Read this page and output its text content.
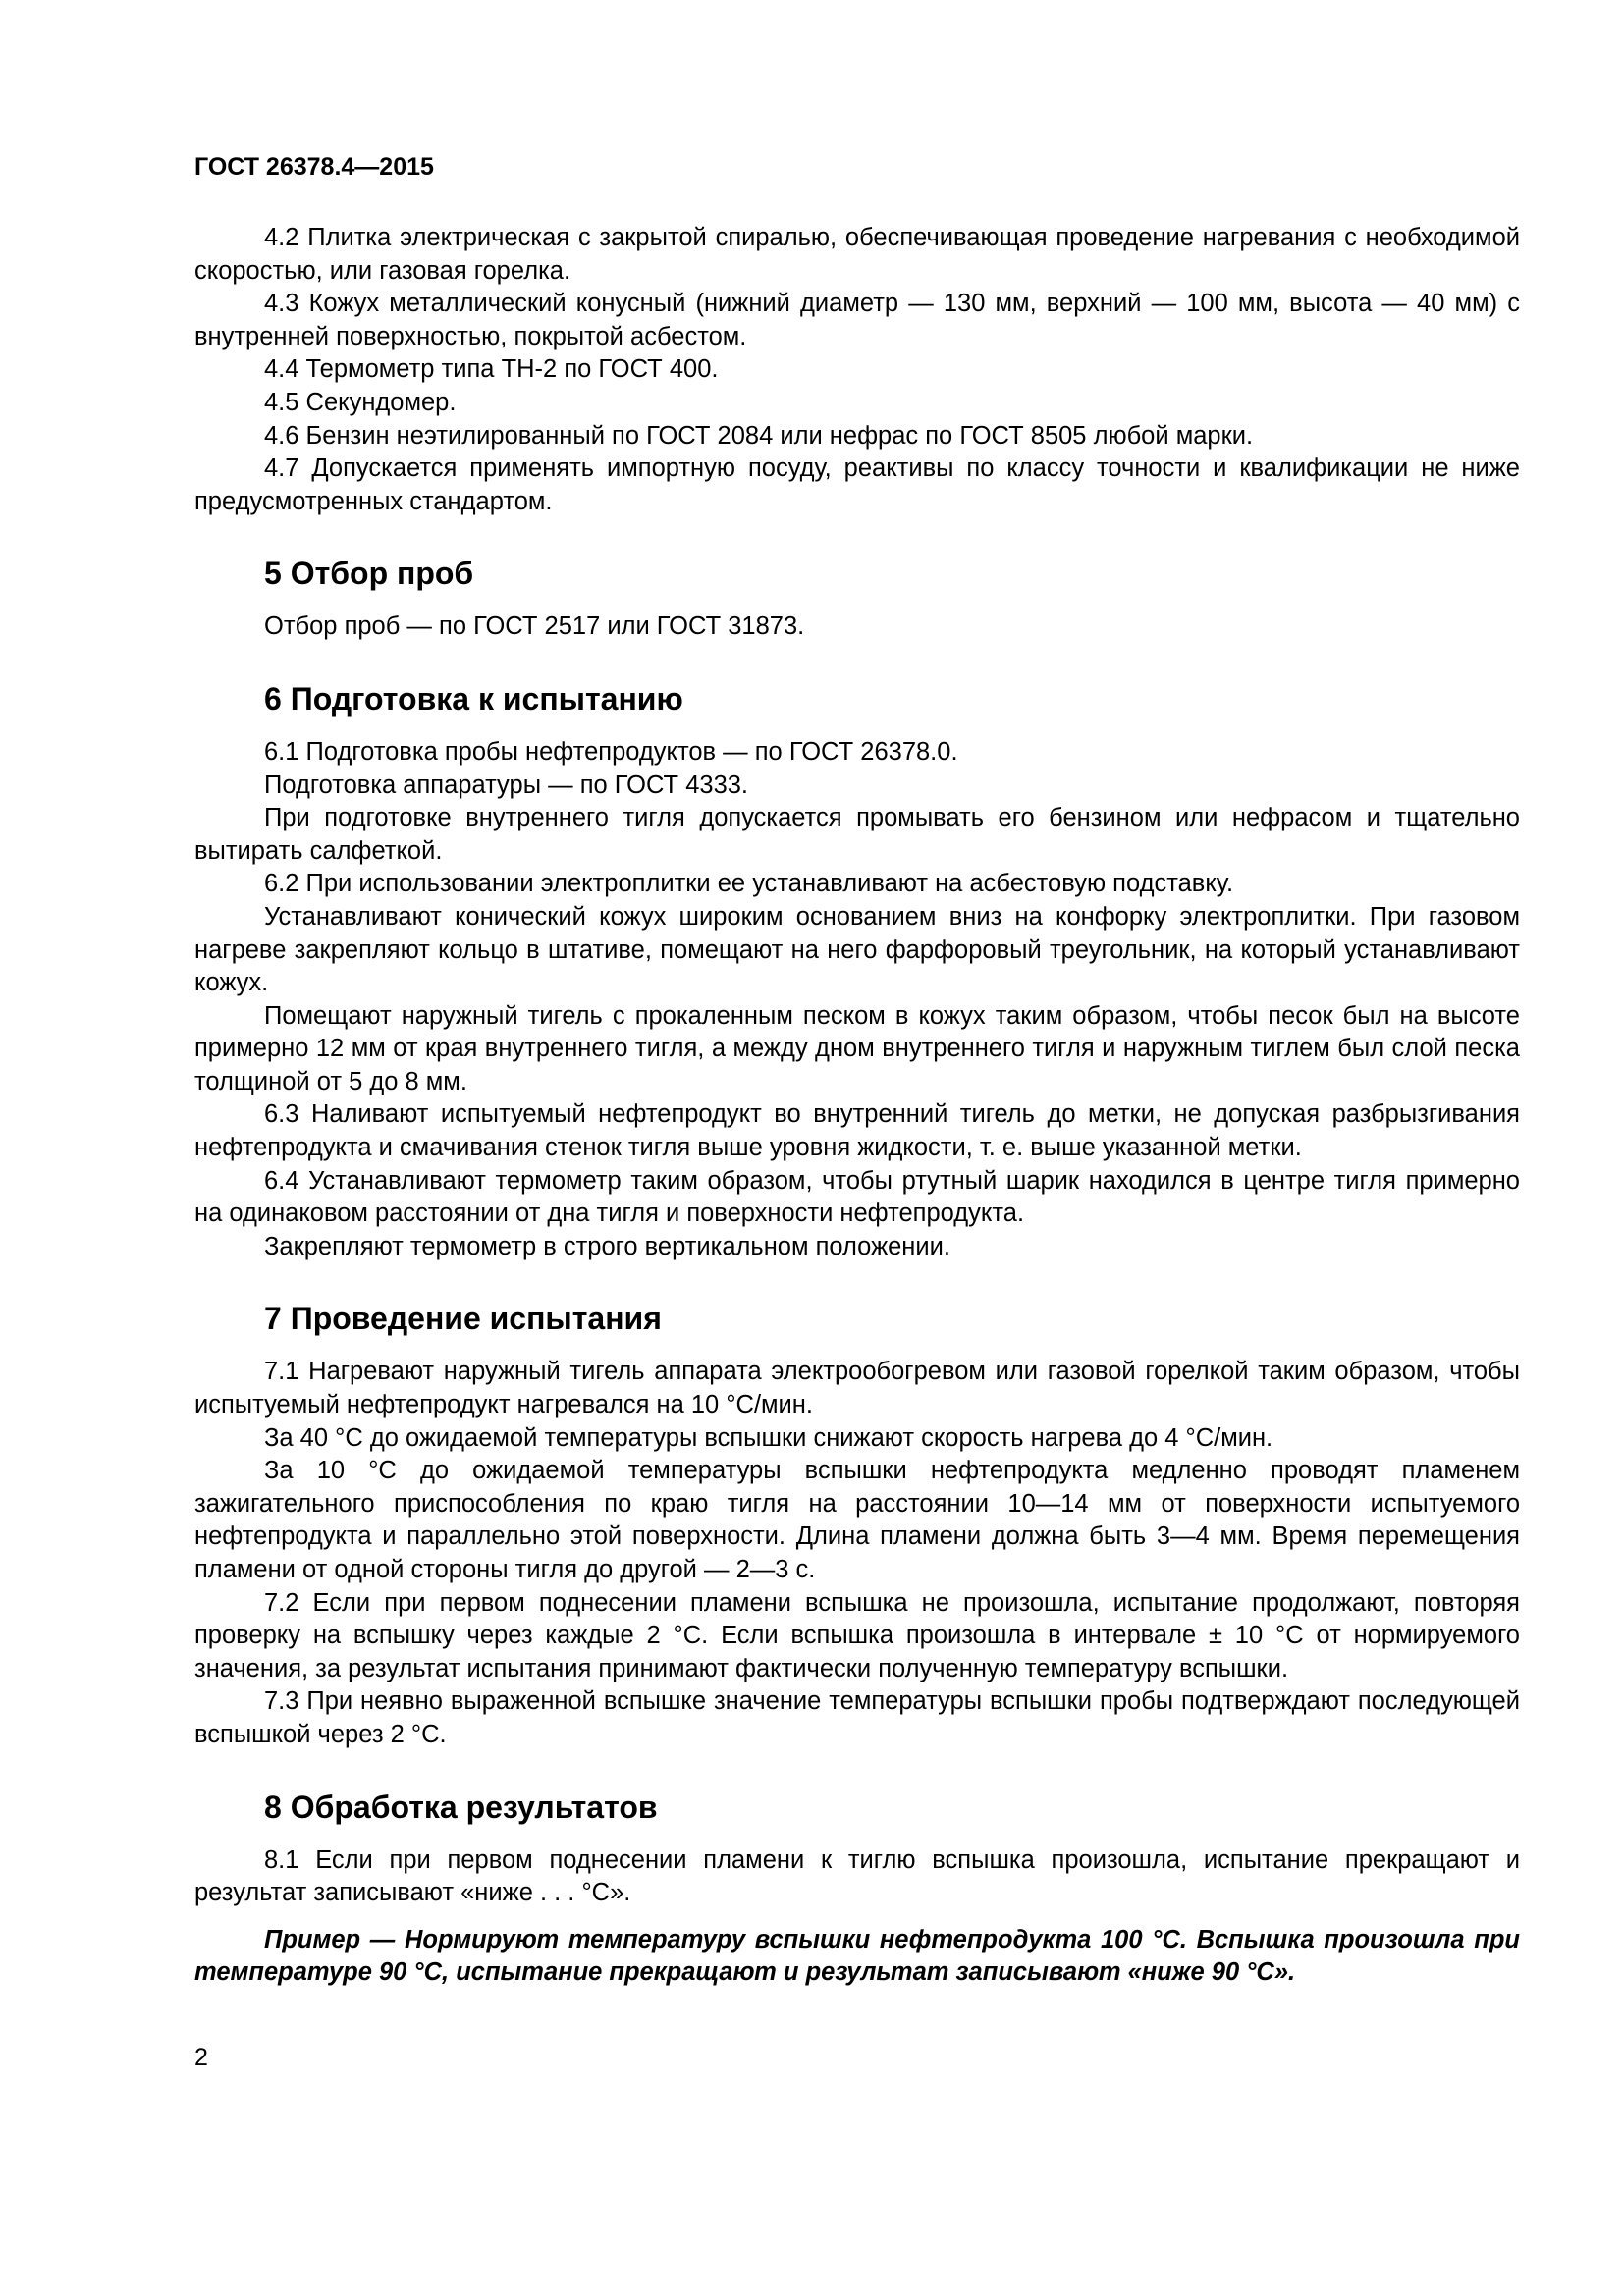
ГОСТ 26378.4—2015

4.2 Плитка электрическая с закрытой спиралью, обеспечивающая проведение нагревания с необходимой скоростью, или газовая горелка.

4.3 Кожух металлический конусный (нижний диаметр — 130 мм, верхний — 100 мм, высота — 40 мм) с внутренней поверхностью, покрытой асбестом.

4.4 Термометр типа ТН-2 по ГОСТ 400.

4.5 Секундомер.

4.6 Бензин неэтилированный по ГОСТ 2084 или нефрас по ГОСТ 8505 любой марки.

4.7 Допускается применять импортную посуду, реактивы по классу точности и квалификации не ниже предусмотренных стандартом.

5 Отбор проб

Отбор проб — по ГОСТ 2517 или ГОСТ 31873.

6 Подготовка к испытанию

6.1 Подготовка пробы нефтепродуктов — по ГОСТ 26378.0.

Подготовка аппаратуры — по ГОСТ 4333.

При подготовке внутреннего тигля допускается промывать его бензином или нефрасом и тщательно вытирать салфеткой.

6.2 При использовании электроплитки ее устанавливают на асбестовую подставку.

Устанавливают конический кожух широким основанием вниз на конфорку электроплитки. При газовом нагреве закрепляют кольцо в штативе, помещают на него фарфоровый треугольник, на который устанавливают кожух.

Помещают наружный тигель с прокаленным песком в кожух таким образом, чтобы песок был на высоте примерно 12 мм от края внутреннего тигля, а между дном внутреннего тигля и наружным тиглем был слой песка толщиной от 5 до 8 мм.

6.3 Наливают испытуемый нефтепродукт во внутренний тигель до метки, не допуская разбрызгивания нефтепродукта и смачивания стенок тигля выше уровня жидкости, т. е. выше указанной метки.

6.4 Устанавливают термометр таким образом, чтобы ртутный шарик находился в центре тигля примерно на одинаковом расстоянии от дна тигля и поверхности нефтепродукта.

Закрепляют термометр в строго вертикальном положении.

7 Проведение испытания

7.1 Нагревают наружный тигель аппарата электрообогревом или газовой горелкой таким образом, чтобы испытуемый нефтепродукт нагревался на 10 °С/мин.

За 40 °С до ожидаемой температуры вспышки снижают скорость нагрева до 4 °С/мин.

За 10 °С до ожидаемой температуры вспышки нефтепродукта медленно проводят пламенем зажигательного приспособления по краю тигля на расстоянии 10—14 мм от поверхности испытуемого нефтепродукта и параллельно этой поверхности. Длина пламени должна быть 3—4 мм. Время перемещения пламени от одной стороны тигля до другой — 2—3 с.

7.2 Если при первом поднесении пламени вспышка не произошла, испытание продолжают, повторяя проверку на вспышку через каждые 2 °С. Если вспышка произошла в интервале ± 10 °С от нормируемого значения, за результат испытания принимают фактически полученную температуру вспышки.

7.3 При неявно выраженной вспышке значение температуры вспышки пробы подтверждают последующей вспышкой через 2 °С.

8 Обработка результатов

8.1 Если при первом поднесении пламени к тиглю вспышка произошла, испытание прекращают и результат записывают «ниже . . . °С».

Пример — Нормируют температуру вспышки нефтепродукта 100 °С. Вспышка произошла при температуре 90 °С, испытание прекращают и результат записывают «ниже 90 °С».

2
